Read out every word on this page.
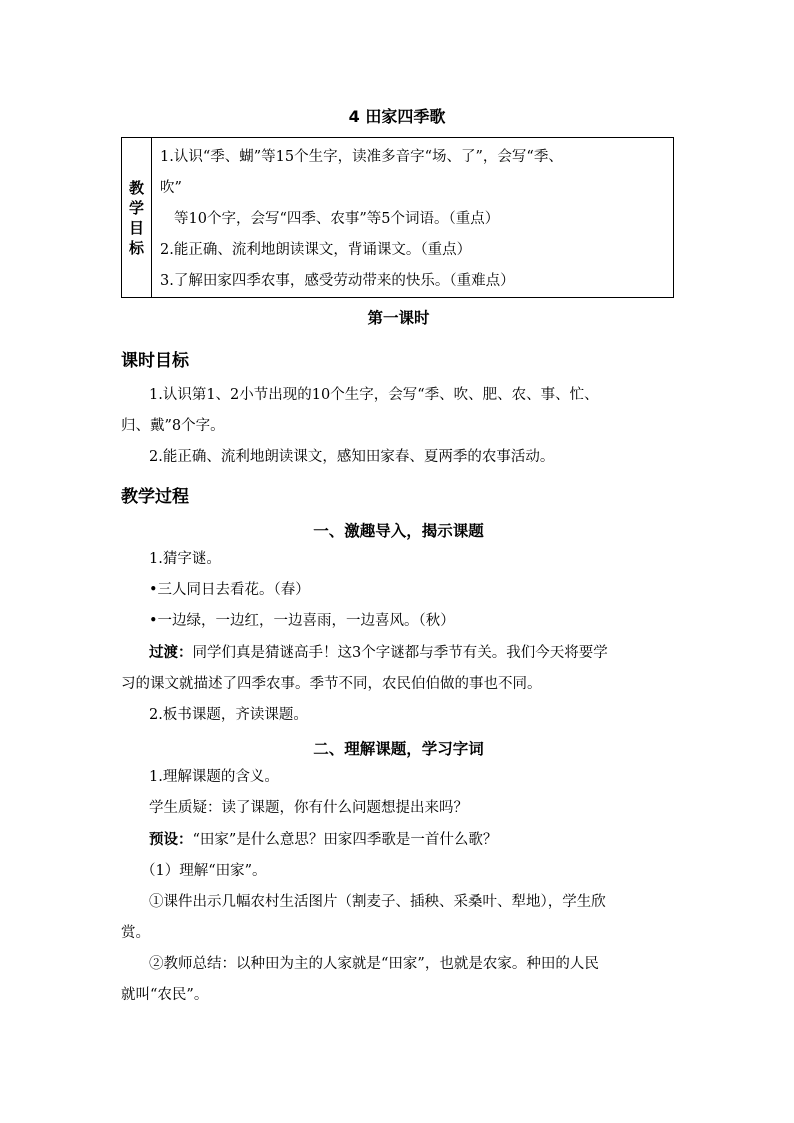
4 田家四季歌
教
学
目
标

1.认识“季、蝴”等15个生字，读准多音字“场、了”，会写“季、
吹”
等10个字，会写“四季、农事”等5个词语。（重点）
2.能正确、流利地朗读课文，背诵课文。（重点）
3.了解田家四季农事，感受劳动带来的快乐。（重难点）
第一课时
课时目标

1.认识第1、2小节出现的10个生字，会写“季、吹、肥、农、事、忙、

归、戴”8个字。

2.能正确、流利地朗读课文，感知田家春、夏两季的农事活动。

教学过程
一、激趣导入，揭示课题

1.猜字谜。

•三人同日去看花。（春）

•一边绿，一边红，一边喜雨，一边喜风。（秋）

过渡：同学们真是猜谜高手！这3个字谜都与季节有关。我们今天将要学

习的课文就描述了四季农事。季节不同，农民伯伯做的事也不同。

2.板书课题，齐读课题。

二、理解课题，学习字词

1.理解课题的含义。

学生质疑：读了课题，你有什么问题想提出来吗？

预设：“田家”是什么意思？田家四季歌是一首什么歌？

（1）理解“田家”。

①课件出示几幅农村生活图片（割麦子、插秧、采桑叶、犁地），学生欣

赏。

②教师总结：以种田为主的人家就是“田家”，也就是农家。种田的人民

就叫“农民”。
